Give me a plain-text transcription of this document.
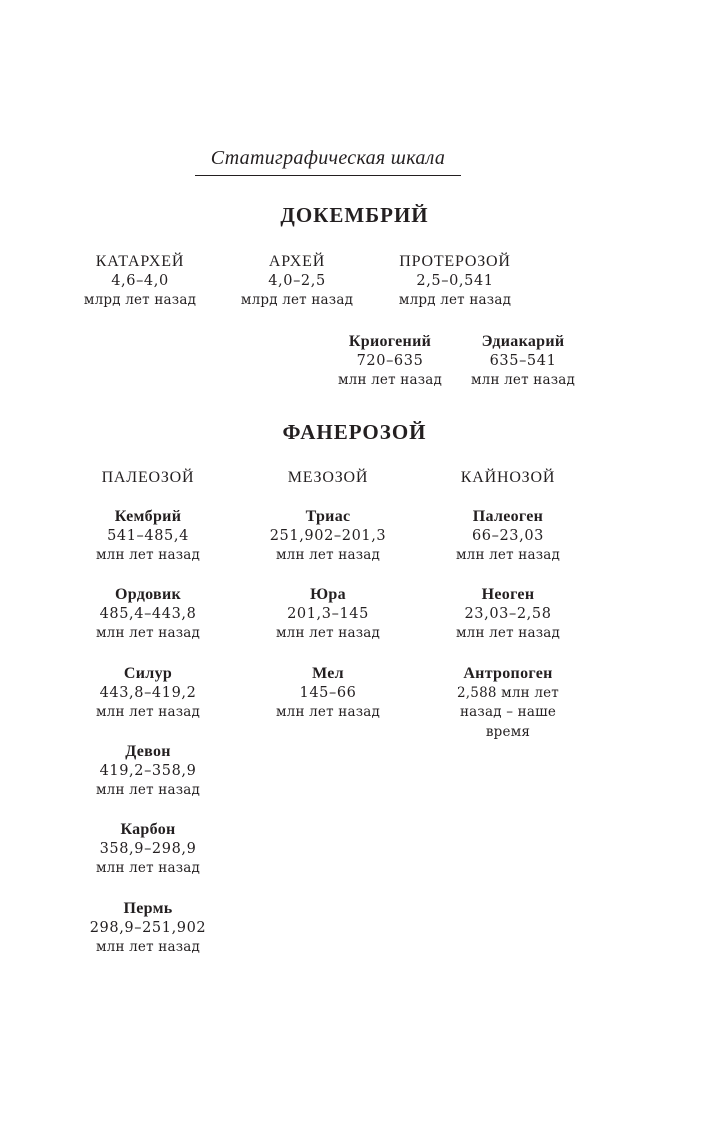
Статиграфическая шкала
ДОКЕМБРИЙ
КАТАРХЕЙ
4,6–4,0
млрд лет назад
АРХЕЙ
4,0–2,5
млрд лет назад
ПРОТЕРОЗОЙ
2,5–0,541
млрд лет назад
Криогений
720–635
млн лет назад
Эдиакарий
635–541
млн лет назад
ФАНЕРОЗОЙ
ПАЛЕОЗОЙ	МЕЗОЗОЙ	КАЙНОЗОЙ
Кембрий
541–485,4
млн лет назад
Ордовик
485,4–443,8
млн лет назад
Силур
443,8–419,2
млн лет назад
Девон
419,2–358,9
млн лет назад
Карбон
358,9–298,9
млн лет назад
Пермь
298,9–251,902
млн лет назад
Триас
251,902–201,3
млн лет назад
Юра
201,3–145
млн лет назад
Мел
145–66
млн лет назад
Палеоген
66–23,03
млн лет назад
Неоген
23,03–2,58
млн лет назад
Антропоген
2,588 млн лет
назад – наше
время
